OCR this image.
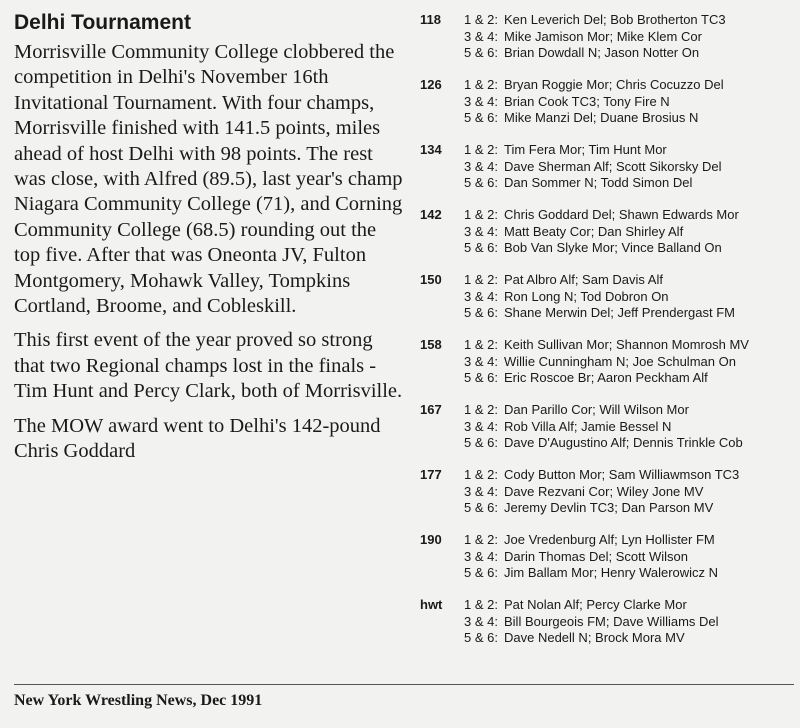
Delhi Tournament

Morrisville Community College clobbered the competition in Delhi's November 16th Invitational Tournament. With four champs, Morrisville finished with 141.5 points, miles ahead of host Delhi with 98 points. The rest was close, with Alfred (89.5), last year's champ Niagara Community College (71), and Corning Community College (68.5) rounding out the top five. After that was Oneonta JV, Fulton Montgomery, Mohawk Valley, Tompkins Cortland, Broome, and Cobleskill.

This first event of the year proved so strong that two Regional champs lost in the finals - Tim Hunt and Percy Clark, both of Morrisville.

The MOW award went to Delhi's 142-pound Chris Goddard

118	1 & 2: Ken Leverich Del; Bob Brotherton TC3
3 & 4: Mike Jamison Mor; Mike Klem Cor
5 & 6: Brian Dowdall N; Jason Notter On
126	1 & 2: Bryan Roggie Mor; Chris Cocuzzo Del
3 & 4: Brian Cook TC3; Tony Fire N
5 & 6: Mike Manzi Del; Duane Brosius N
134	1 & 2: Tim Fera Mor; Tim Hunt Mor
3 & 4: Dave Sherman Alf; Scott Sikorsky Del
5 & 6: Dan Sommer N; Todd Simon Del
142	1 & 2: Chris Goddard Del; Shawn Edwards Mor
3 & 4: Matt Beaty Cor; Dan Shirley Alf
5 & 6: Bob Van Slyke Mor; Vince Balland On
150	1 & 2: Pat Albro Alf; Sam Davis Alf
3 & 4: Ron Long N; Tod Dobron On
5 & 6: Shane Merwin Del; Jeff Prendergast FM
158	1 & 2: Keith Sullivan Mor; Shannon Momrosh MV
3 & 4: Willie Cunningham N; Joe Schulman On
5 & 6: Eric Roscoe Br; Aaron Peckham Alf
167	1 & 2: Dan Parillo Cor; Will Wilson Mor
3 & 4: Rob Villa Alf; Jamie Bessel N
5 & 6: Dave D'Augustino Alf; Dennis Trinkle Cob
177	1 & 2: Cody Button Mor; Sam Williawmson TC3
3 & 4: Dave Rezvani Cor; Wiley Jone MV
5 & 6: Jeremy Devlin TC3; Dan Parson MV
190	1 & 2: Joe Vredenburg Alf; Lyn Hollister FM
3 & 4: Darin Thomas Del; Scott Wilson
5 & 6: Jim Ballam Mor; Henry Walerowicz N
hwt	1 & 2: Pat Nolan Alf; Percy Clarke Mor
3 & 4: Bill Bourgeois FM; Dave Williams Del
5 & 6: Dave Nedell N; Brock Mora MV
New York Wrestling News, Dec 1991
